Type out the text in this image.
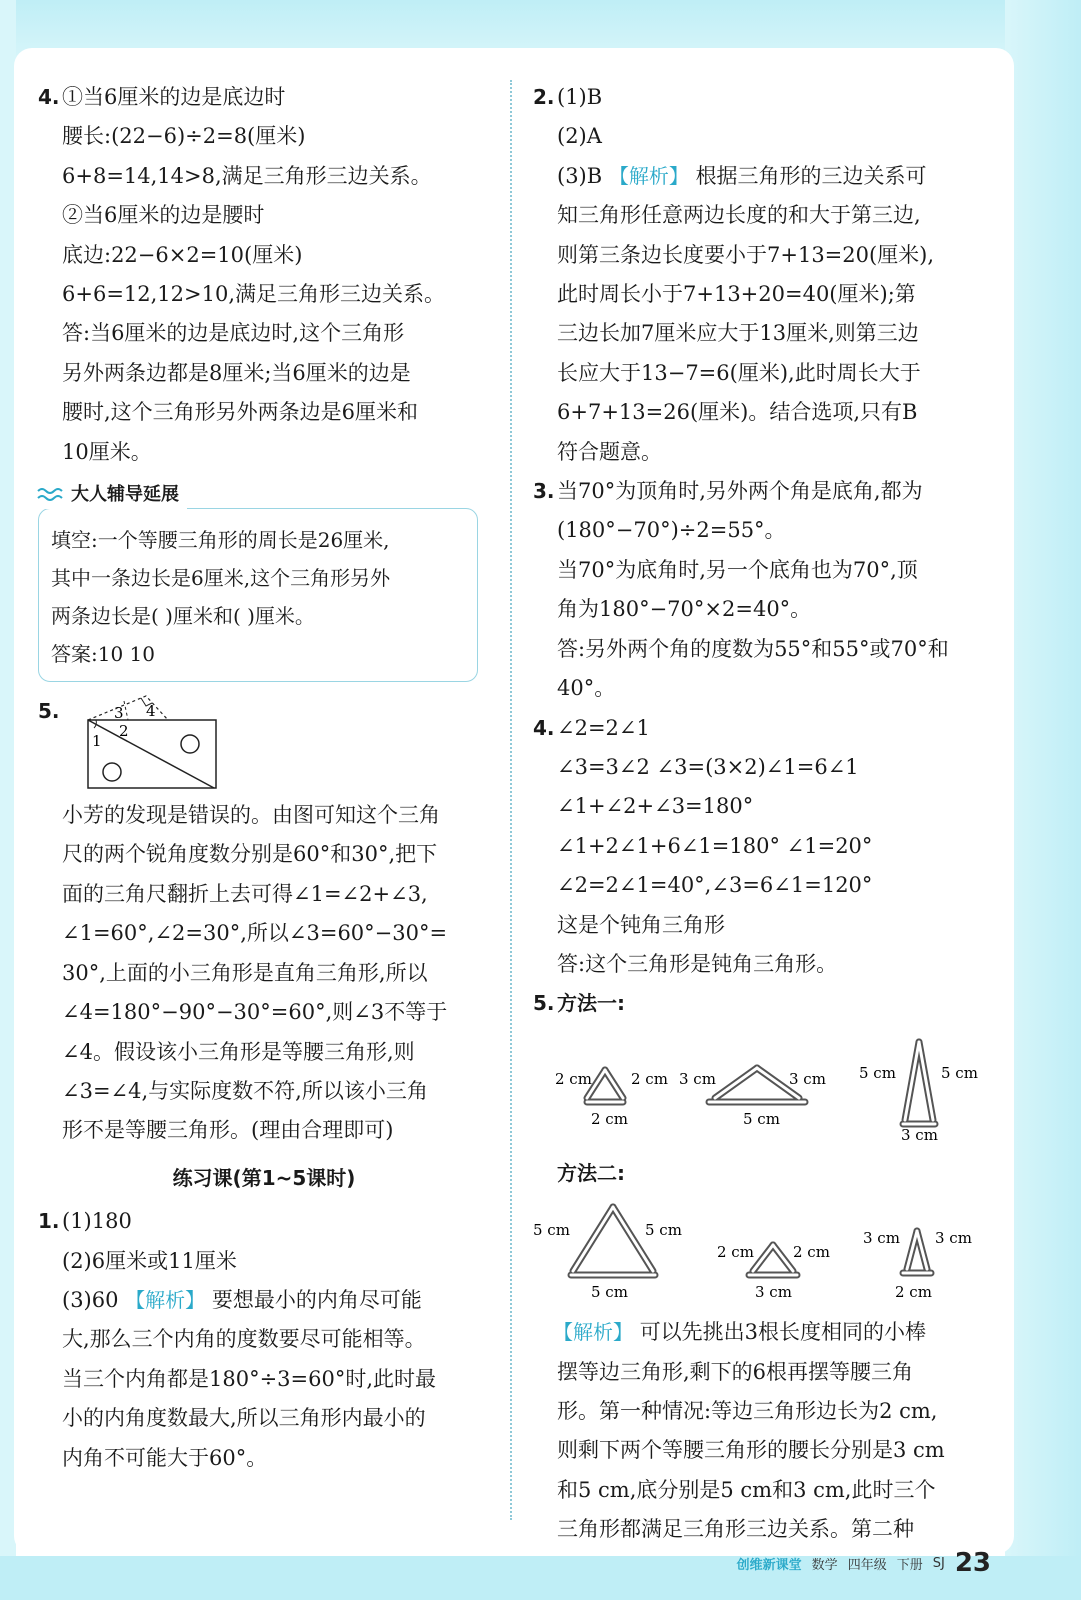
4. ①当6厘米的边是底边时
腰长:(22−6)÷2=8(厘米)
6+8=14,14>8,满足三角形三边关系。
②当6厘米的边是腰时
底边:22−6×2=10(厘米)
6+6=12,12>10,满足三角形三边关系。
答:当6厘米的边是底边时,这个三角形
另外两条边都是8厘米;当6厘米的边是
腰时,这个三角形另外两条边是6厘米和
10厘米。
大人辅导延展
填空:一个等腰三角形的周长是26厘米,
其中一条边长是6厘米,这个三角形另外
两条边长是( )厘米和( )厘米。
答案:10 10
5.
1
2
3 4
小芳的发现是错误的。由图可知这个三角
尺的两个锐角度数分别是60°和30°,把下
面的三角尺翻折上去可得∠1=∠2+∠3,
∠1=60°,∠2=30°,所以∠3=60°−30°=
30°,上面的小三角形是直角三角形,所以
∠4=180°−90°−30°=60°,则∠3不等于
∠4。假设该小三角形是等腰三角形,则
∠3=∠4,与实际度数不符,所以该小三角
形不是等腰三角形。(理由合理即可)
练习课(第1~5课时)
1. (1)180
(2)6厘米或11厘米
(3)60 【解析】 要想最小的内角尽可能
大,那么三个内角的度数要尽可能相等。
当三个内角都是180°÷3=60°时,此时最
小的内角度数最大,所以三角形内最小的
内角不可能大于60°。
2. (1)B
(2)A
(3)B 【解析】 根据三角形的三边关系可
知三角形任意两边长度的和大于第三边,
则第三条边长度要小于7+13=20(厘米),
此时周长小于7+13+20=40(厘米);第
三边长加7厘米应大于13厘米,则第三边
长应大于13−7=6(厘米),此时周长大于
6+7+13=26(厘米)。结合选项,只有B
符合题意。
3. 当70°为顶角时,另外两个角是底角,都为
(180°−70°)÷2=55°。
当70°为底角时,另一个底角也为70°,顶
角为180°−70°×2=40°。
答:另外两个角的度数为55°和55°或70°和
40°。
4. ∠2=2∠1
∠3=3∠2 ∠3=(3×2)∠1=6∠1
∠1+∠2+∠3=180°
∠1+2∠1+6∠1=180° ∠1=20°
∠2=2∠1=40°,∠3=6∠1=120°
这是个钝角三角形
答:这个三角形是钝角三角形。
5. 方法一:
2 cm	2 cm
2 cm
3 cm	3 cm
5 cm
5 cm	5 cm
3 cm
方法二:
5 cm	5 cm
5 cm
2 cm	2 cm
3 cm
3 cm 3 cm
2 cm
【解析】 可以先挑出3根长度相同的小棒
摆等边三角形,剩下的6根再摆等腰三角
形。第一种情况:等边三角形边长为2 cm,
则剩下两个等腰三角形的腰长分别是3 cm
和5 cm,底分别是5 cm和3 cm,此时三个
三角形都满足三角形三边关系。第二种
创维新课堂 数学 四年级 下册 SJ 23
